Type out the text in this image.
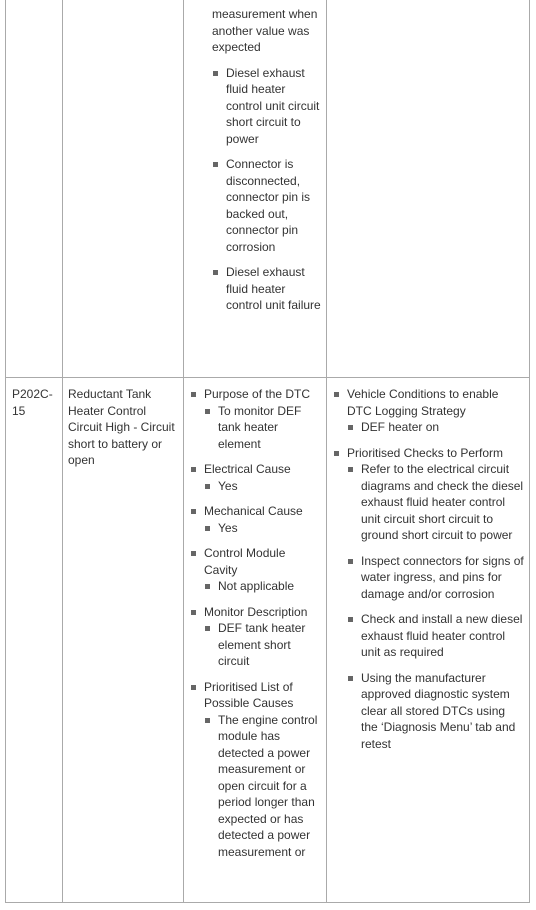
measurement when another value was expected
Diesel exhaust fluid heater control unit circuit short circuit to power
Connector is disconnected, connector pin is backed out, connector pin corrosion
Diesel exhaust fluid heater control unit failure
P202C-15
Reductant Tank Heater Control Circuit High - Circuit short to battery or open
Purpose of the DTC
To monitor DEF tank heater element
Electrical Cause
Yes
Mechanical Cause
Yes
Control Module Cavity
Not applicable
Monitor Description
DEF tank heater element short circuit
Prioritised List of Possible Causes
The engine control module has detected a power measurement or open circuit for a period longer than expected or has detected a power measurement or
Vehicle Conditions to enable DTC Logging Strategy
DEF heater on
Prioritised Checks to Perform
Refer to the electrical circuit diagrams and check the diesel exhaust fluid heater control unit circuit short circuit to ground short circuit to power
Inspect connectors for signs of water ingress, and pins for damage and/or corrosion
Check and install a new diesel exhaust fluid heater control unit as required
Using the manufacturer approved diagnostic system clear all stored DTCs using the ‘Diagnosis Menu’ tab and retest
